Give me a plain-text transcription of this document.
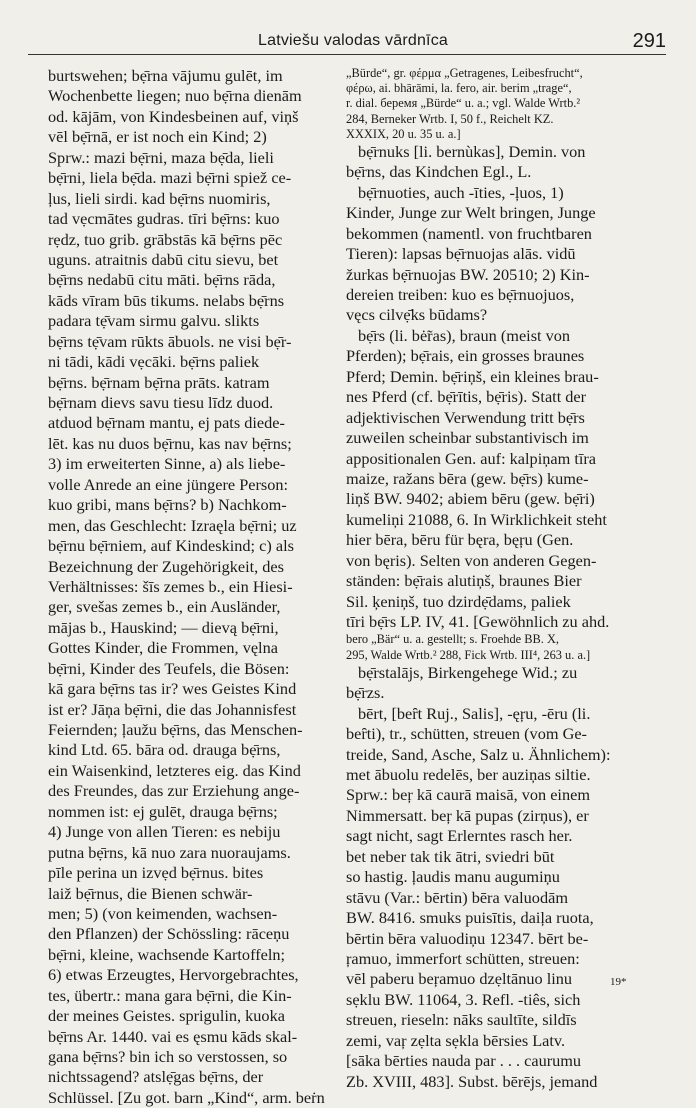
Latviešu valodas vārdnīca	291
burtswehen; bẹ̄rna vājumu gulēt, im
Wochenbette liegen; nuo bẹ̄rna dienām
od. kājām, von Kindesbeinen auf, viņš
vēl bẹ̄rnā, er ist noch ein Kind; 2)
Sprw.: mazi bẹ̄rni, maza bẹ̄da, lieli
bẹ̄rni, liela bẹ̄da. mazi bẹ̄rni spiež ce-
ļus, lieli sirdi. kad bẹ̄rns nuomiris,
tad vẹcmātes gudras. tīri bẹ̄rns: kuo
rẹdz, tuo grib. grābstās kā bẹ̄rns pēc
uguns. atraitnis dabū citu sievu, bet
bẹ̄rns nedabū citu māti. bẹ̄rns rāda,
kāds vīram būs tikums. nelabs bẹ̄rns
padara tẹ̄vam sirmu galvu. slikts
bẹ̄rns tẹ̄vam rūkts ābuols. ne visi bẹ̄r-
ni tādi, kādi vẹcāki. bẹ̄rns paliek
bẹ̄rns. bẹ̄rnam bẹ̄rna prāts. katram
bẹ̄rnam dievs savu tiesu līdz duod.
atduod bẹ̄rnam mantu, ej pats diede-
lēt. kas nu duos bẹ̄rnu, kas nav bẹ̄rns;
3) im erweiterten Sinne, a) als liebe-
volle Anrede an eine jüngere Person:
kuo gribi, mans bẹ̄rns? b) Nachkom-
men, das Geschlecht: Izraęla bẹ̄rni; uz
bẹ̄rnu bẹ̄rniem, auf Kindeskind; c) als
Bezeichnung der Zugehörigkeit, des
Verhältnisses: šīs zemes b., ein Hiesi-
ger, svešas zemes b., ein Ausländer,
mājas b., Hauskind; — dievą bẹ̄rni,
Gottes Kinder, die Frommen, vęlna
bẹ̄rni, Kinder des Teufels, die Bösen:
kā gara bẹ̄rns tas ir? wes Geistes Kind
ist er? Jāņa bẹ̄rni, die das Johannisfest
Feiernden; ļaužu bẹ̄rns, das Menschen-
kind Ltd. 65. bāra od. drauga bẹ̄rns,
ein Waisenkind, letzteres eig. das Kind
des Freundes, das zur Erziehung ange-
nommen ist: ej gulēt, drauga bẹ̄rns;
4) Junge von allen Tieren: es nebiju
putna bẹ̄rns, kā nuo zara nuoraujams.
pīle perina un izvẹd bẹ̄rnus. bites
laiž bẹ̄rnus, die Bienen schwär-
men; 5) (von keimenden, wachsen-
den Pflanzen) der Schössling: rāceņu
bẹ̄rni, kleine, wachsende Kartoffeln;
6) etwas Erzeugtes, Hervorgebrachtes,
tes, übertr.: mana gara bẹ̄rni, die Kin-
der meines Geistes. sprigulin, kuoka
bẹ̄rns Ar. 1440. vai es ęsmu kāds skal-
gana bẹ̄rns? bin ich so verstossen, so
nichtssagend? atslẹ̄gas bẹ̄rns, der
Schlüssel. [Zu got. barn „Kind“, arm. beṙn
„Bürde“, gr. φέρμα „Getragenes, Leibesfrucht“,
φέρω, ai. bhārāmi, la. fero, air. berim „trage“,
r. dial. беремя „Bürde“ u. a.; vgl. Walde Wrtb.²
284, Berneker Wrtb. I, 50 f., Reichelt KZ.
XXXIX, 20 u. 35 u. a.]
bẹ̄rnuks [li. bernùkas], Demin. von
bẹ̄rns, das Kindchen Egl., L.
bẹ̄rnuoties, auch -īties, -ļuos, 1)
Kinder, Junge zur Welt bringen, Junge
bekommen (namentl. von fruchtbaren
Tieren): lapsas bẹ̄rnuojas alās. vidū
žurkas bẹ̄rnuojas BW. 20510; 2) Kin-
dereien treiben: kuo es bẹ̄rnuojuos,
vęcs cilvẹ̄ks būdams?
bẹ̄rs (li. bė̃ras), braun (meist von
Pferden); bẹ̄rais, ein grosses braunes
Pferd; Demin. bẹ̄riņš, ein kleines brau-
nes Pferd (cf. bẹ̄rītis, bẹ̄ris). Statt der
adjektivischen Verwendung tritt bẹ̄rs
zuweilen scheinbar substantivisch im
appositionalen Gen. auf: kalpiņam tīra
maize, ražans bēra (gew. bẹ̄rs) kume-
liņš BW. 9402; abiem bēru (gew. bẹ̄ri)
kumeliņi 21088, 6. In Wirklichkeit steht
hier bēra, bēru für bęra, bęŗu (Gen.
von bęris). Selten von anderen Gegen-
ständen: bẹ̄rais alutiņš, braunes Bier
Sil. ķeniņš, tuo dzirdẹ̄dams, paliek
tīri bẹ̄rs LP. IV, 41. [Gewöhnlich zu ahd.
bero „Bär“ u. a. gestellt; s. Froehde BB. X,
295, Walde Wrtb.² 288, Fick Wrtb. III⁴, 263 u. a.]
bẹ̄rstalājs, Birkengehege Wid.; zu
bẹ̄rzs.
bērt, [beȓt Ruj., Salis], -ęŗu, -ēru (li.
beȓti), tr., schütten, streuen (vom Ge-
treide, Sand, Asche, Salz u. Ähnlichem):
met ābuolu redelēs, ber auziņas siltie.
Sprw.: beŗ kā caurā maisā, von einem
Nimmersatt. beŗ kā pupas (zirņus), er
sagt nicht, sagt Erlerntes rasch her.
bet neber tak tik ātri, sviedri būt
so hastig. ļaudis manu augumiņu
stāvu (Var.: bērtin) bēra valuodām
BW. 8416. smuks puisītis, daiļa ruota,
bērtin bēra valuodiņu 12347. bērt be-
ŗamuo, immerfort schütten, streuen:
vēl paberu beŗamuo dzẹltānuo linu
sẹklu BW. 11064, 3. Refl. -tiês, sich
streuen, rieseln: nāks saultīte, sildīs
zemi, vaŗ zẹlta sẹkla bērsies Latv.
[sāka bērties nauda par . . . caurumu
Zb. XVIII, 483]. Subst. bērējs, jemand
19*
